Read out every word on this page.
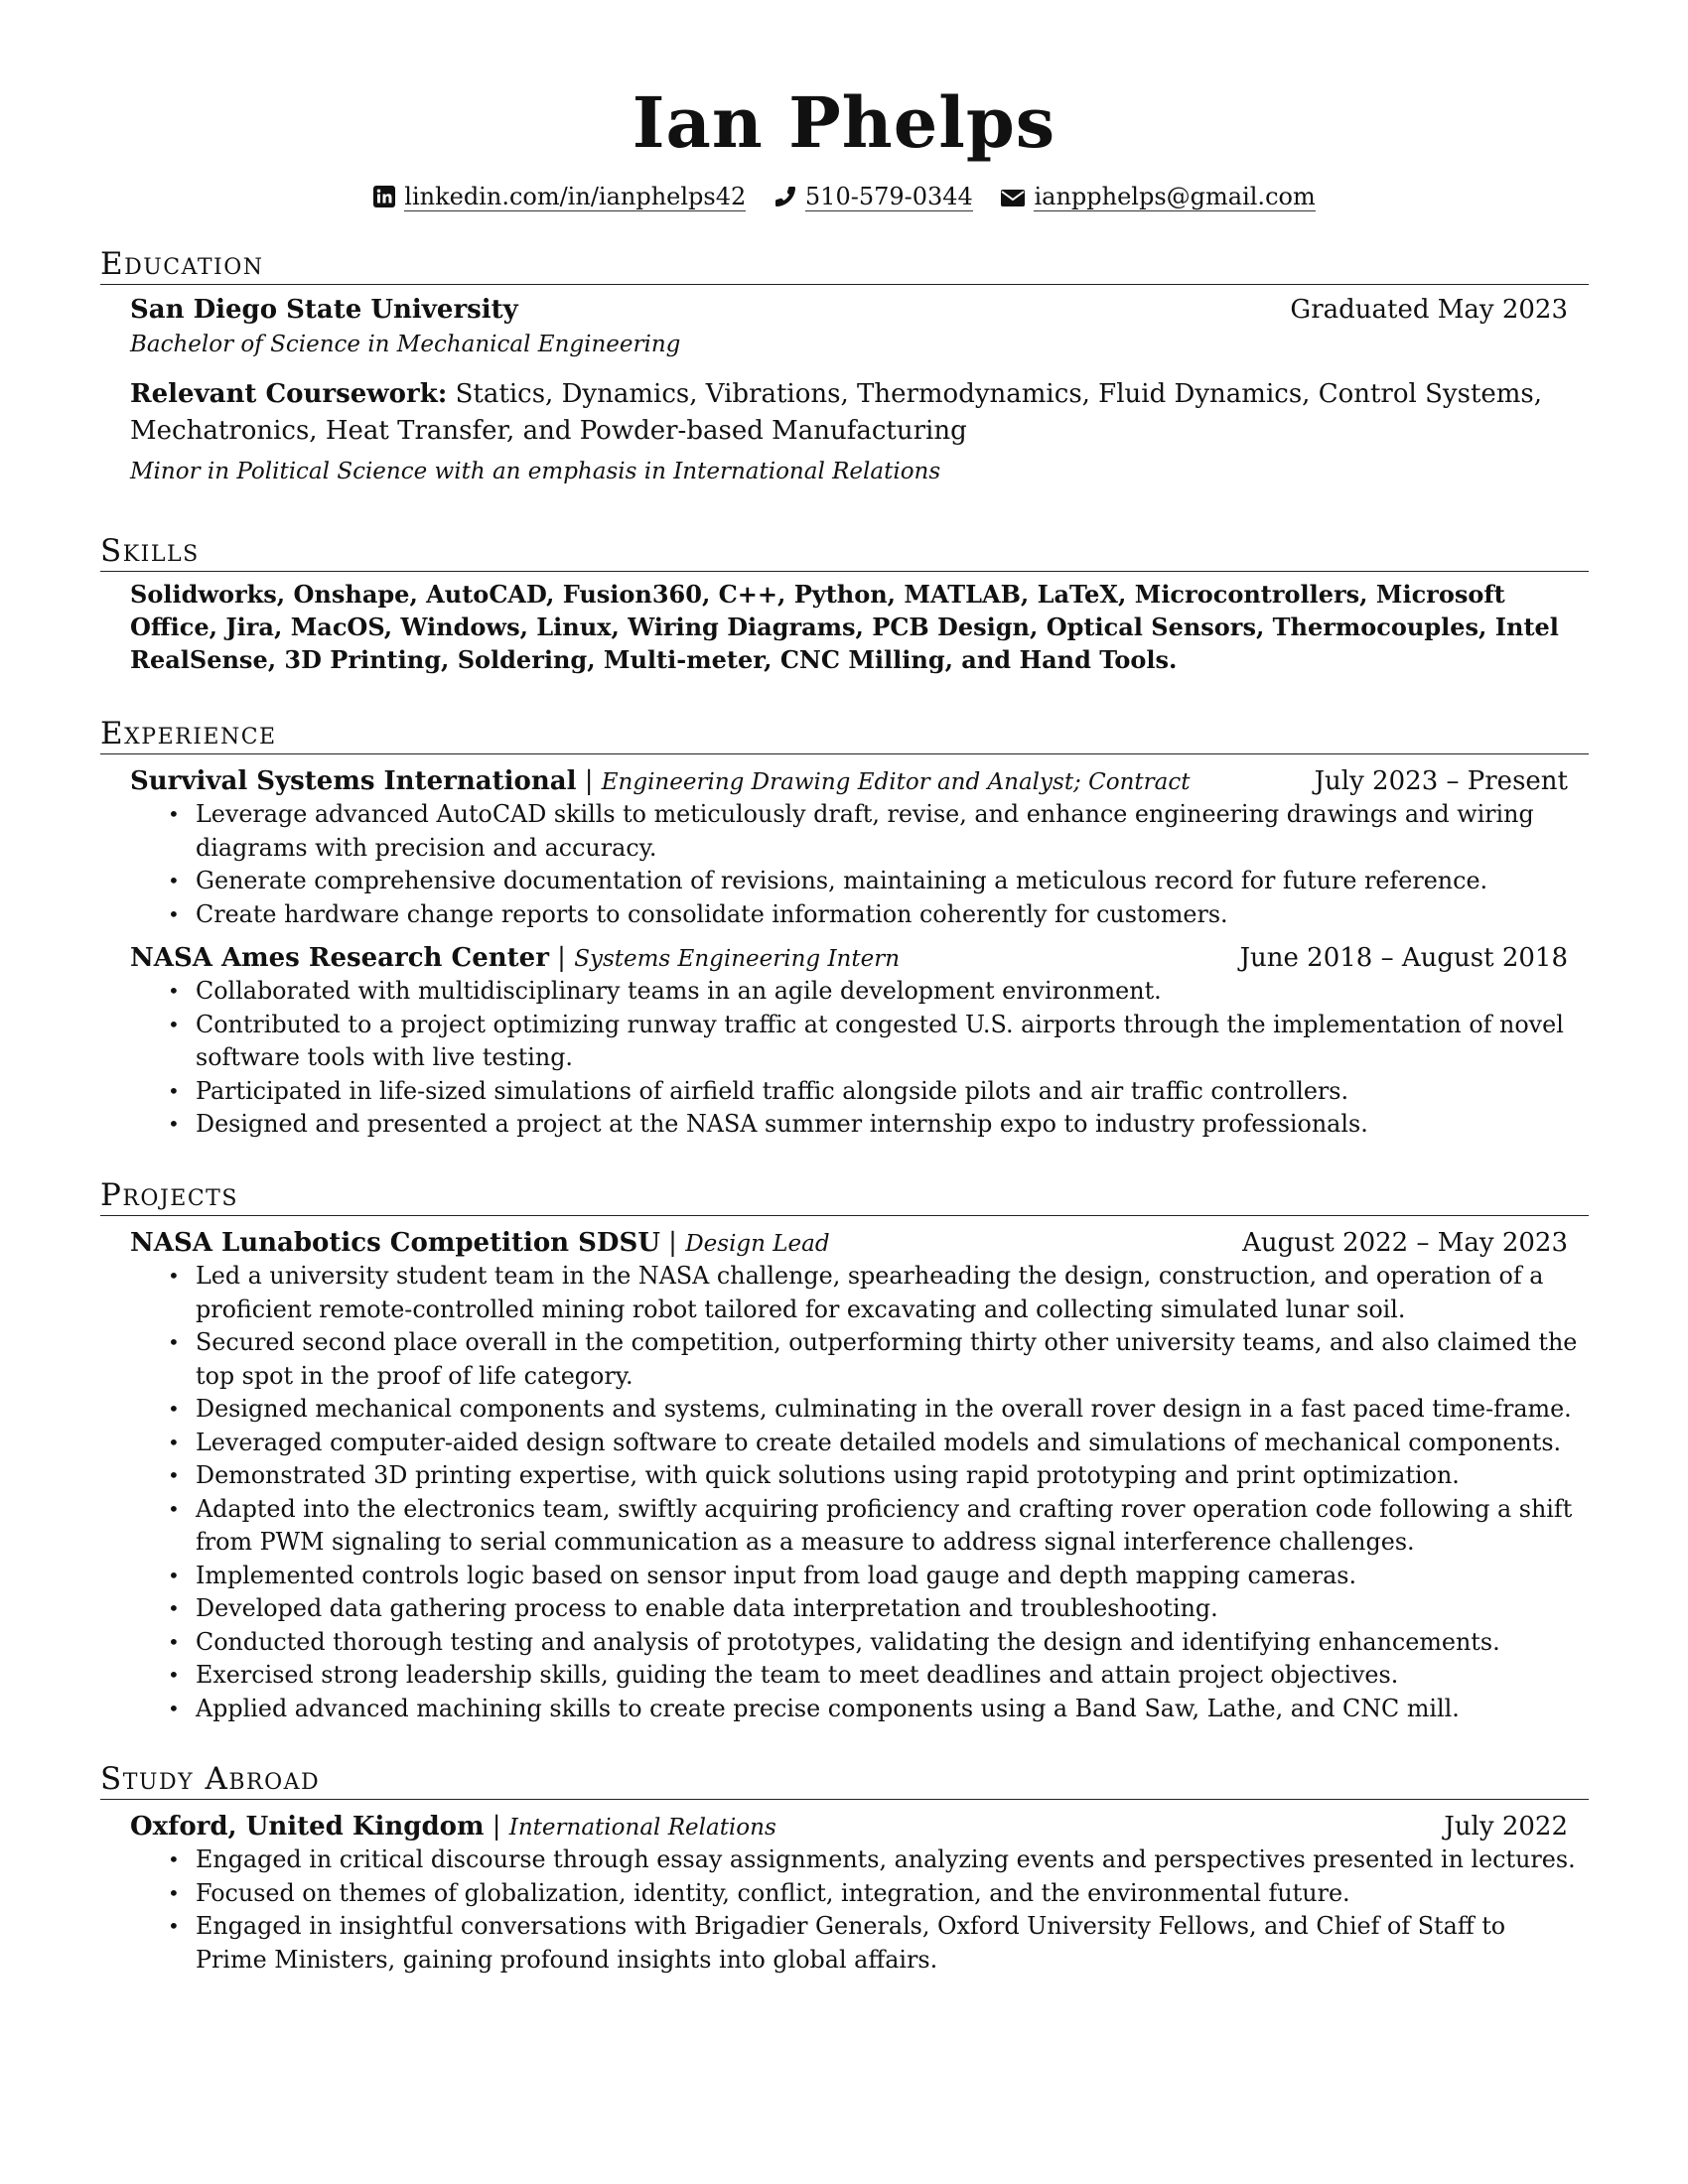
Ian Phelps
linkedin.com/in/ianphelps42 510-579-0344	ianpphelps@gmail.com
Education
San Diego State University	Graduated May 2023
Bachelor of Science in Mechanical Engineering
Relevant Coursework: Statics, Dynamics, Vibrations, Thermodynamics, Fluid Dynamics, Control Systems, Mechatronics, Heat Transfer, and Powder-based Manufacturing
Minor in Political Science with an emphasis in International Relations
Skills
Solidworks, Onshape, AutoCAD, Fusion360, C++, Python, MATLAB, LaTeX, Microcontrollers, Microsoft Office, Jira, MacOS, Windows, Linux, Wiring Diagrams, PCB Design, Optical Sensors, Thermocouples, Intel RealSense, 3D Printing, Soldering, Multi-meter, CNC Milling, and Hand Tools.
Experience
Survival Systems International | Engineering Drawing Editor and Analyst; Contract	July 2023 – Present
• Leverage advanced AutoCAD skills to meticulously draft, revise, and enhance engineering drawings and wiring diagrams with precision and accuracy.
• Generate comprehensive documentation of revisions, maintaining a meticulous record for future reference.
• Create hardware change reports to consolidate information coherently for customers.
NASA Ames Research Center | Systems Engineering Intern	June 2018 – August 2018
• Collaborated with multidisciplinary teams in an agile development environment.
• Contributed to a project optimizing runway traffic at congested U.S. airports through the implementation of novel software tools with live testing.
• Participated in life-sized simulations of airfield traffic alongside pilots and air traffic controllers.
• Designed and presented a project at the NASA summer internship expo to industry professionals.
Projects
NASA Lunabotics Competition SDSU | Design Lead	August 2022 – May 2023
• Led a university student team in the NASA challenge, spearheading the design, construction, and operation of a proficient remote-controlled mining robot tailored for excavating and collecting simulated lunar soil.
• Secured second place overall in the competition, outperforming thirty other university teams, and also claimed the top spot in the proof of life category.
• Designed mechanical components and systems, culminating in the overall rover design in a fast paced time-frame.
• Leveraged computer-aided design software to create detailed models and simulations of mechanical components.
• Demonstrated 3D printing expertise, with quick solutions using rapid prototyping and print optimization.
• Adapted into the electronics team, swiftly acquiring proficiency and crafting rover operation code following a shift from PWM signaling to serial communication as a measure to address signal interference challenges.
• Implemented controls logic based on sensor input from load gauge and depth mapping cameras.
• Developed data gathering process to enable data interpretation and troubleshooting.
• Conducted thorough testing and analysis of prototypes, validating the design and identifying enhancements.
• Exercised strong leadership skills, guiding the team to meet deadlines and attain project objectives.
• Applied advanced machining skills to create precise components using a Band Saw, Lathe, and CNC mill.
Study Abroad
Oxford, United Kingdom | International Relations	July 2022
• Engaged in critical discourse through essay assignments, analyzing events and perspectives presented in lectures.
• Focused on themes of globalization, identity, conflict, integration, and the environmental future.
• Engaged in insightful conversations with Brigadier Generals, Oxford University Fellows, and Chief of Staff to Prime Ministers, gaining profound insights into global affairs.
